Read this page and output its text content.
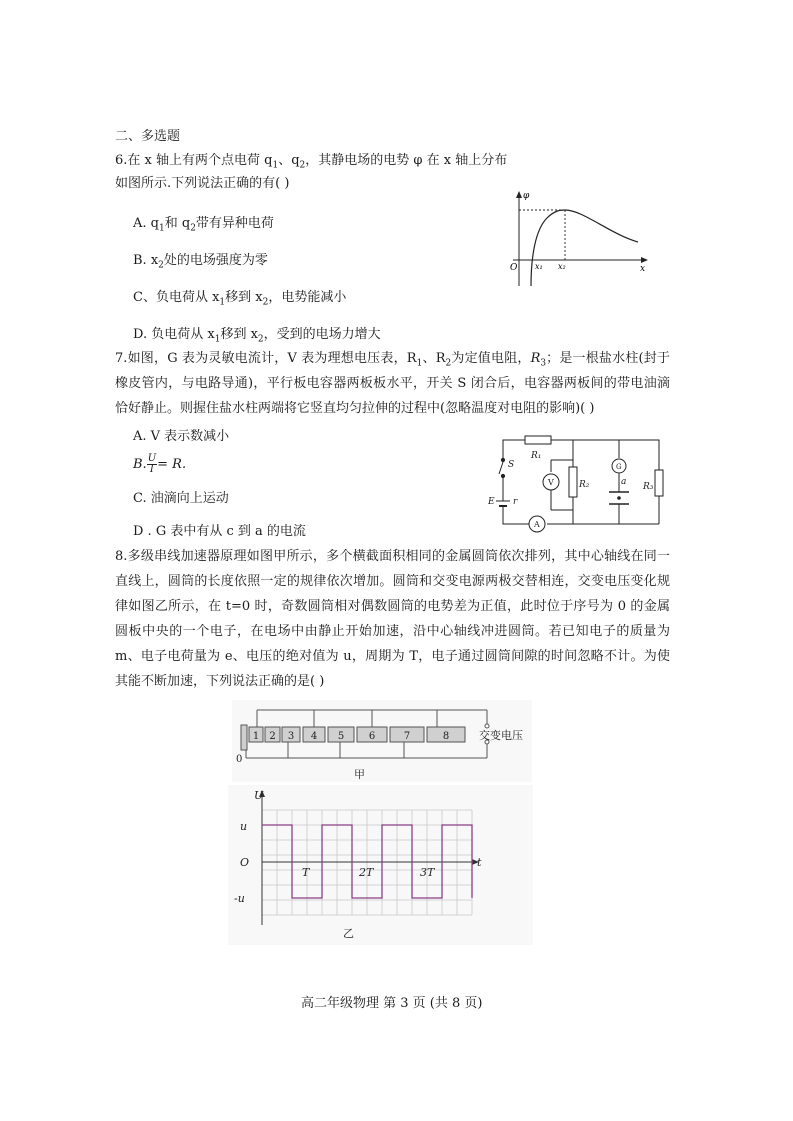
二、多选题
6.在 x 轴上有两个点电荷 $q_1$、$q_2$，其静电场的电势 φ 在 x 轴上分布
如图所示.下列说法正确的有( )
A. $q_1$和 $q_2$带有异种电荷
B. $x_2$处的电场强度为零
C、负电荷从 $x_1$移到 $x_2$，电势能减小
D. 负电荷从 $x_1$移到 $x_2$，受到的电场力增大
φ
x
O x₁ x₂
7.如图，G 表为灵敏电流计，V 表为理想电压表，$R_1$、$R_2$为定值电阻，$R_3$；是一根盐水柱(封于橡皮管内，与电路导通)，平行板电容器两板板水平，开关 S 闭合后，电容器两板间的带电油滴恰好静止。则握住盐水柱两端将它竖直均匀拉伸的过程中(忽略温度对电阻的影响)( )
A. V 表示数减小
B. $\frac{U}{I} = R$.
C. 油滴向上运动
D . G 表中有从 c 到 a 的电流
R₁
R₂	R₃
S
E r
V
A
G
a
8.多级串线加速器原理如图甲所示，多个横截面积相同的金属圆筒依次排列，其中心轴线在同一直线上，圆筒的长度依照一定的规律依次增加。圆筒和交变电源两极交替相连，交变电压变化规律如图乙所示，在 t=0 时，奇数圆筒相对偶数圆筒的电势差为正值，此时位于序号为 0 的金属圆板中央的一个电子，在电场中由静止开始加速，沿中心轴线冲进圆筒。若已知电子的质量为 m、电子电荷量为 e、电压的绝对值为 u，周期为 T，电子通过圆筒间隙的时间忽略不计。为使其能不断加速，下列说法正确的是( )
1 2 3 4 5 6	7	8
0
交变电压
甲
U
t
O
u
-u
T	2T	3T
乙
高二年级物理 第 3 页 (共 8 页)
